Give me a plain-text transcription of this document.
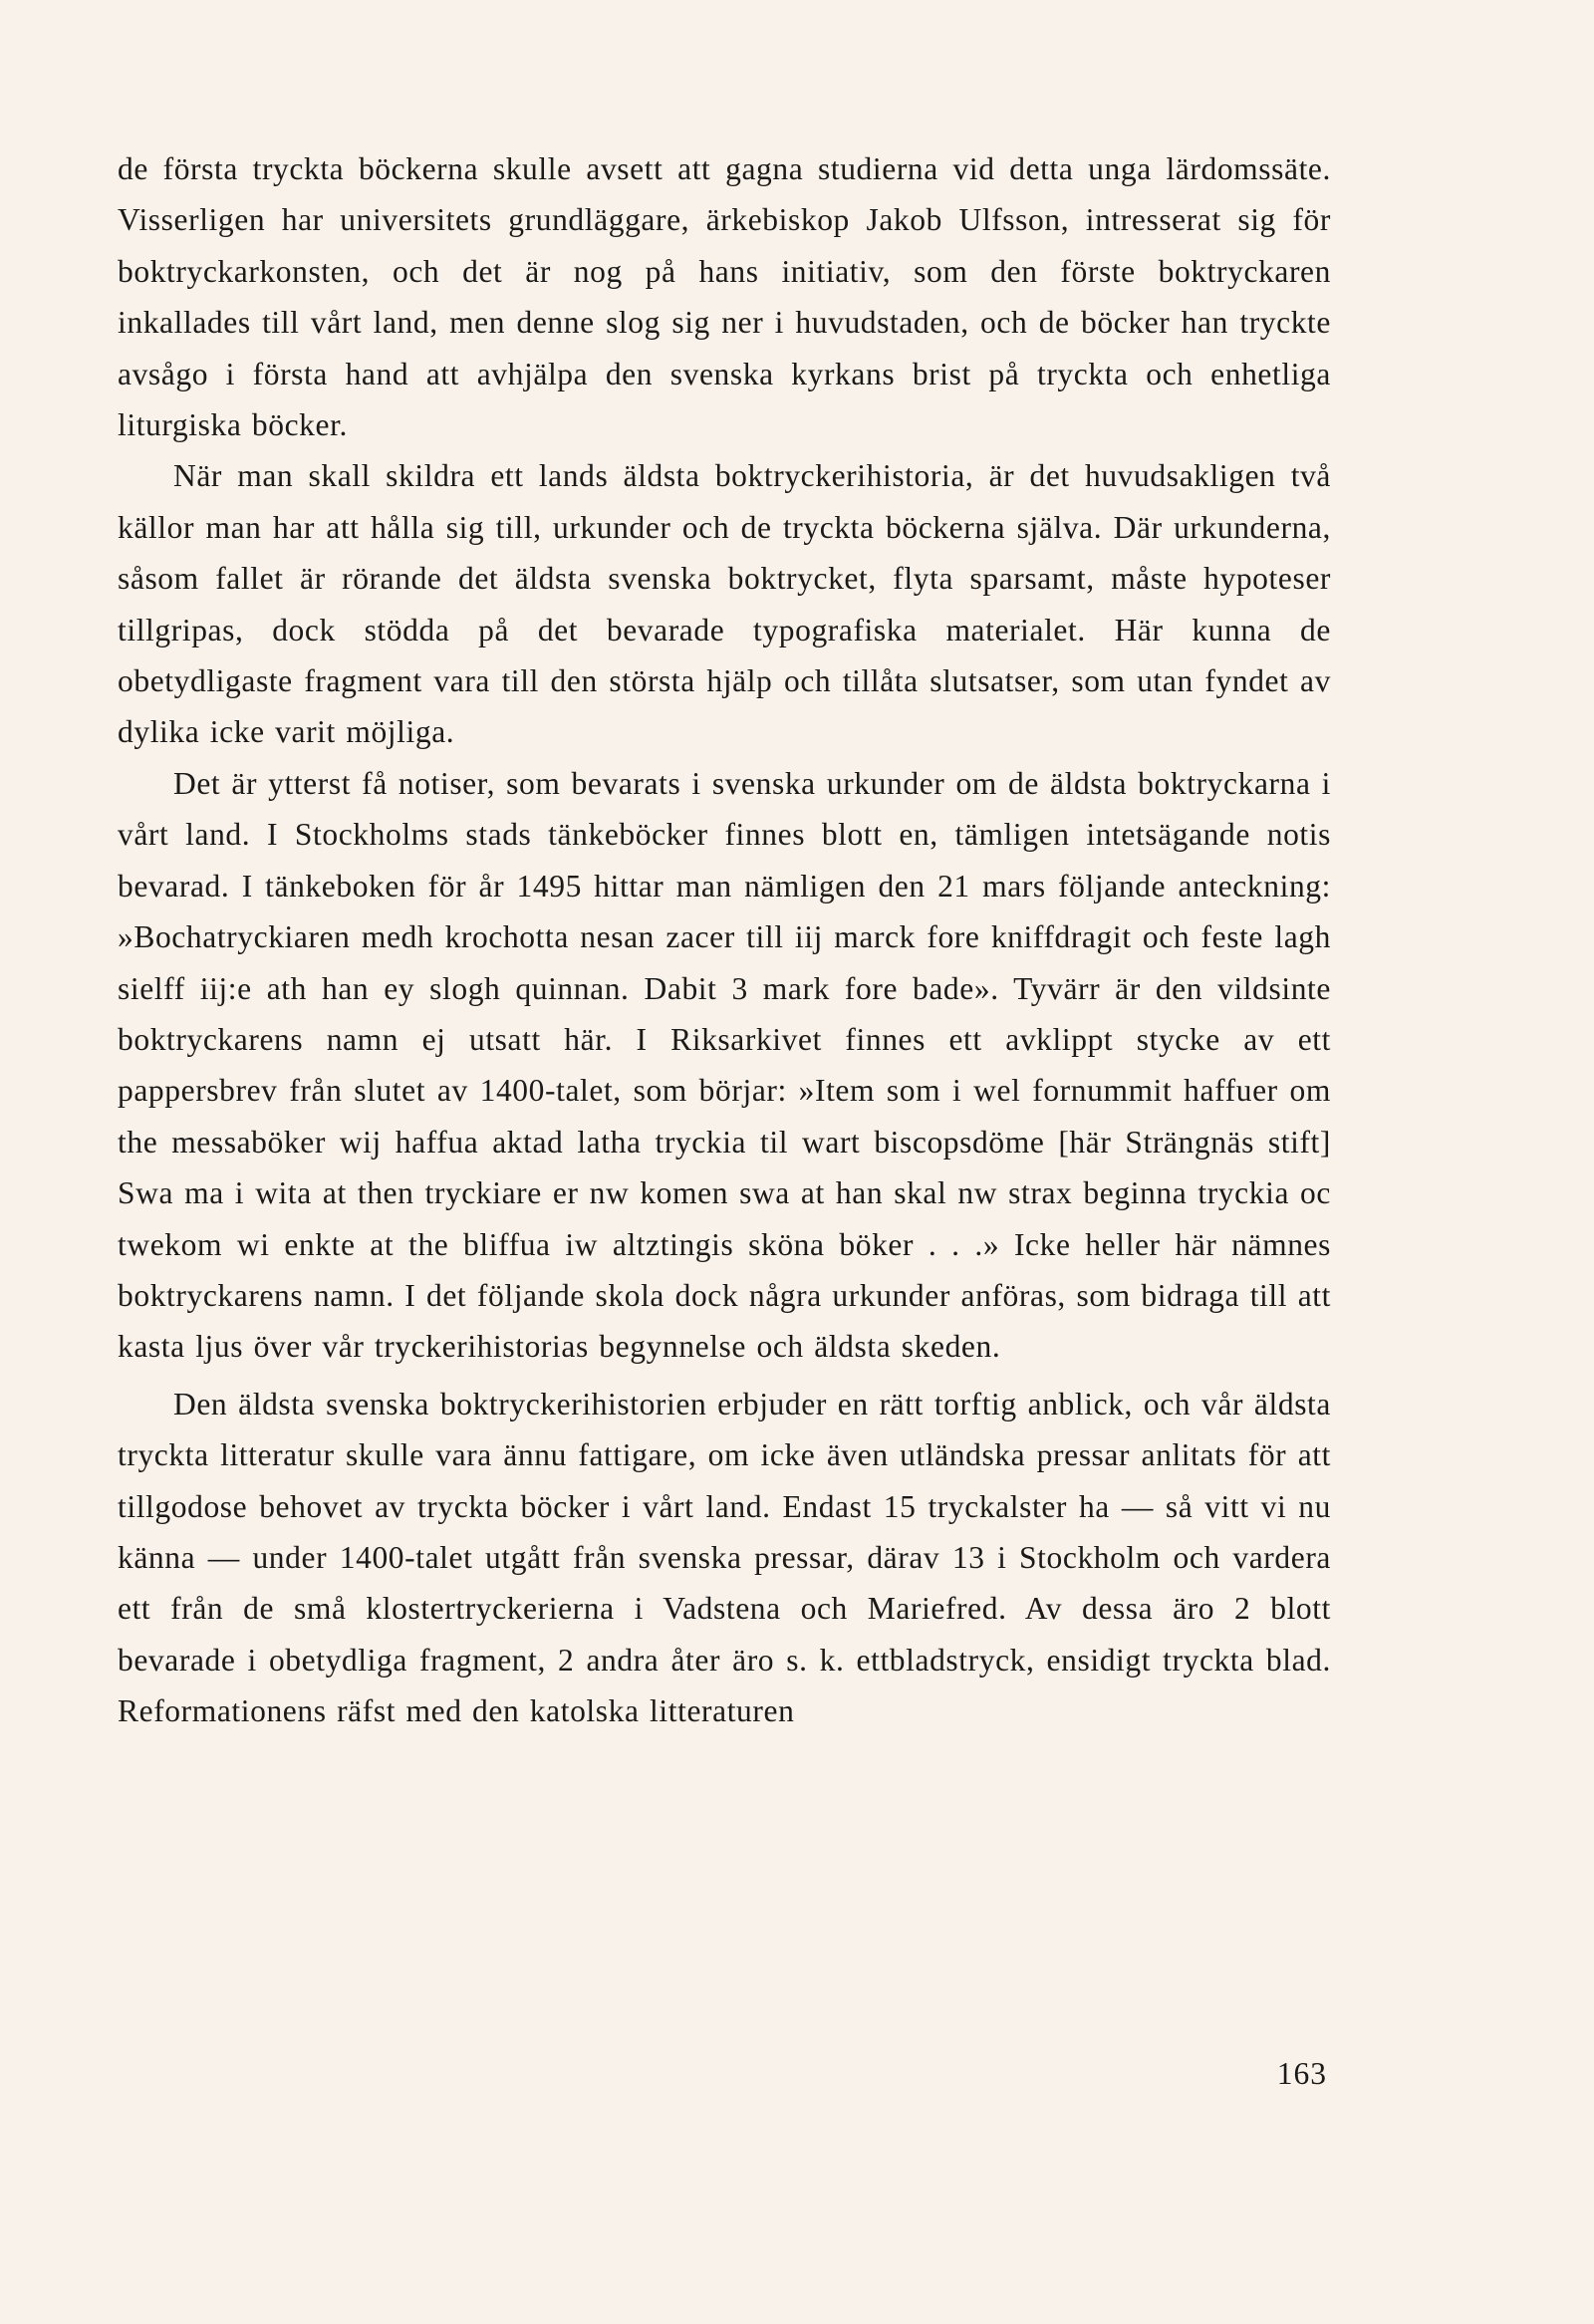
de första tryckta böckerna skulle avsett att gagna studierna vid detta unga lärdomssäte. Visserligen har universitets grundläggare, ärkebiskop Jakob Ulfsson, intresserat sig för boktryckarkonsten, och det är nog på hans initiativ, som den förste boktryckaren inkallades till vårt land, men denne slog sig ner i huvudstaden, och de böcker han tryckte avsågo i första hand att avhjälpa den svenska kyrkans brist på tryckta och enhetliga liturgiska böcker.

När man skall skildra ett lands äldsta boktryckerihistoria, är det huvudsakligen två källor man har att hålla sig till, urkunder och de tryckta böckerna själva. Där urkunderna, såsom fallet är rörande det äldsta svenska boktrycket, flyta sparsamt, måste hypoteser tillgripas, dock stödda på det bevarade typografiska materialet. Här kunna de obetydligaste fragment vara till den största hjälp och tillåta slutsatser, som utan fyndet av dylika icke varit möjliga.

Det är ytterst få notiser, som bevarats i svenska urkunder om de äldsta boktryckarna i vårt land. I Stockholms stads tänkeböcker finnes blott en, tämligen intetsägande notis bevarad. I tänkeboken för år 1495 hittar man nämligen den 21 mars följande anteckning: »Bochatryckiaren medh krochotta nesan zacer till iij marck fore kniffdragit och feste lagh sielff iij:e ath han ey slogh quinnan. Dabit 3 mark fore bade». Tyvärr är den vildsinte boktryckarens namn ej utsatt här. I Riksarkivet finnes ett avklippt stycke av ett pappersbrev från slutet av 1400-talet, som börjar: »Item som i wel fornummit haffuer om the messaböker wij haffua aktad latha tryckia til wart biscopsdöme [här Strängnäs stift] Swa ma i wita at then tryckiare er nw komen swa at han skal nw strax beginna tryckia oc twekom wi enkte at the bliffua iw altztingis sköna böker . . .» Icke heller här nämnes boktryckarens namn. I det följande skola dock några urkunder anföras, som bidraga till att kasta ljus över vår tryckerihistorias begynnelse och äldsta skeden.

Den äldsta svenska boktryckerihistorien erbjuder en rätt torftig anblick, och vår äldsta tryckta litteratur skulle vara ännu fattigare, om icke även utländska pressar anlitats för att tillgodose behovet av tryckta böcker i vårt land. Endast 15 tryckalster ha — så vitt vi nu känna — under 1400-talet utgått från svenska pressar, därav 13 i Stockholm och vardera ett från de små klostertryckerierna i Vadstena och Mariefred. Av dessa äro 2 blott bevarade i obetydliga fragment, 2 andra åter äro s. k. ettbladstryck, ensidigt tryckta blad. Reformationens räfst med den katolska litteraturen

163
